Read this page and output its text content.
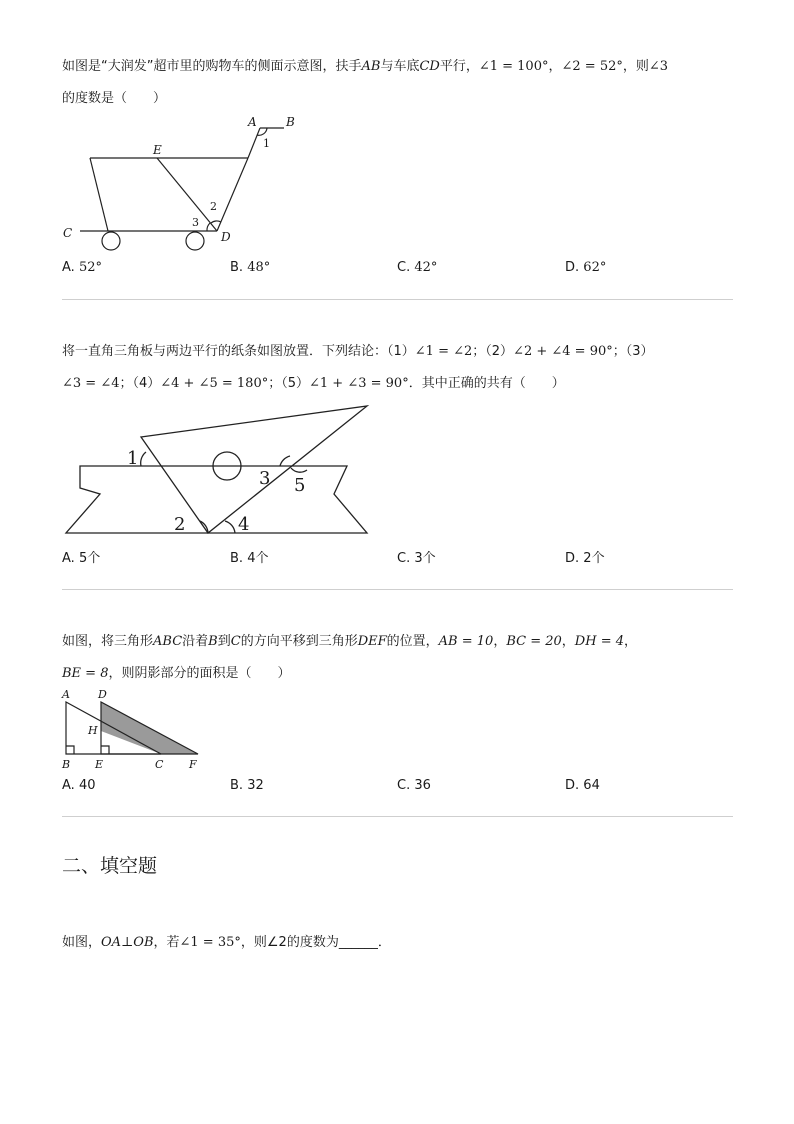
如图是“大润发”超市里的购物车的侧面示意图，扶手AB与车底CD平行，∠1 = 100°，∠2 = 52°，则∠3
的度数是（　　）
A B
C	D
E	1
2
3
A. 52°	B. 48°	C. 42°	D. 62°
将一直角三角板与两边平行的纸条如图放置．下列结论：（1）∠1 = ∠2；（2）∠2 + ∠4 = 90°；（3）
∠3 = ∠4；（4）∠4 + ∠5 = 180°；（5）∠1 + ∠3 = 90°．其中正确的共有（　　）
1
2
3
4
5
A. 5个	B. 4个	C. 3个	D. 2个
如图，将三角形ABC沿着B到C的方向平移到三角形DEF的位置，AB = 10，BC = 20，DH = 4，
BE = 8，则阴影部分的面积是（　　）
A	D
H
B E	C F
A. 40	B. 32	C. 36	D. 64
二、填空题
如图，OA⊥OB，若∠1 = 35°，则∠2的度数为______．
